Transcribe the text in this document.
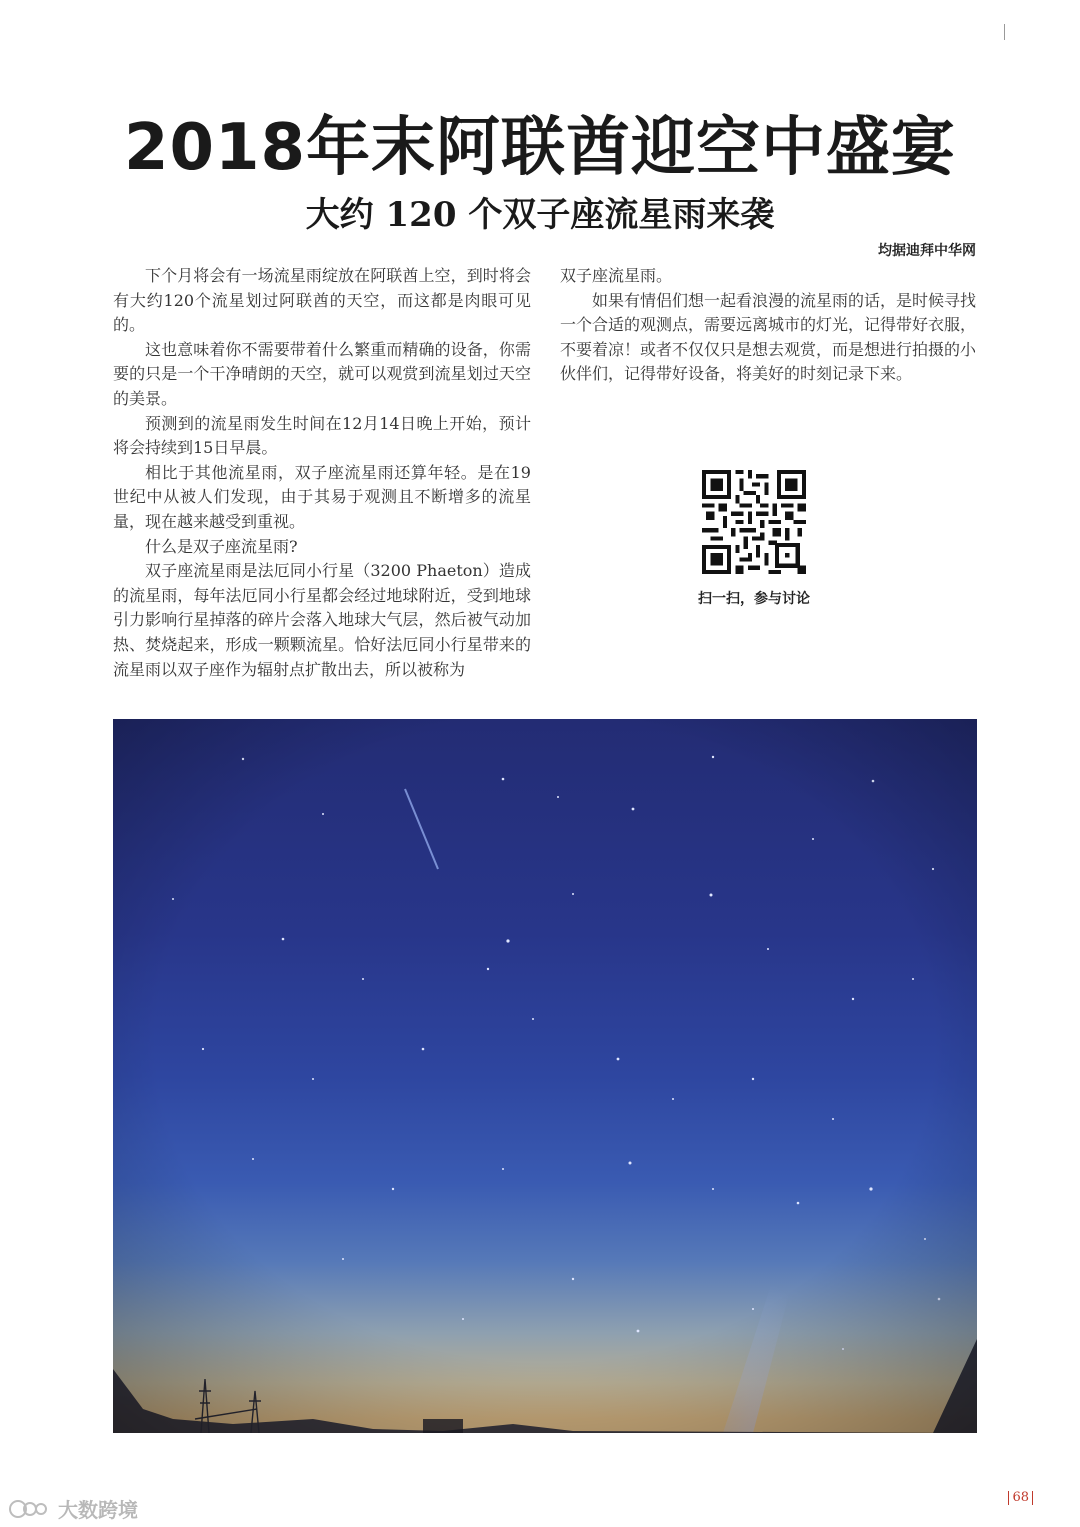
2018年末阿联酋迎空中盛宴
大约 120 个双子座流星雨来袭
均据迪拜中华网

下个月将会有一场流星雨绽放在阿联酋上空，到时将会有大约120个流星划过阿联酋的天空，而这都是肉眼可见的。

这也意味着你不需要带着什么繁重而精确的设备，你需要的只是一个干净晴朗的天空，就可以观赏到流星划过天空的美景。

预测到的流星雨发生时间在12月14日晚上开始，预计将会持续到15日早晨。

相比于其他流星雨，双子座流星雨还算年轻。是在19世纪中从被人们发现，由于其易于观测且不断增多的流星量，现在越来越受到重视。

什么是双子座流星雨?

双子座流星雨是法厄同小行星（3200 Phaeton）造成的流星雨，每年法厄同小行星都会经过地球附近，受到地球引力影响行星掉落的碎片会落入地球大气层，然后被气动加热、焚烧起来，形成一颗颗流星。恰好法厄同小行星带来的流星雨以双子座作为辐射点扩散出去，所以被称为

双子座流星雨。

如果有情侣们想一起看浪漫的流星雨的话，是时候寻找一个合适的观测点，需要远离城市的灯光，记得带好衣服，不要着凉！或者不仅仅只是想去观赏，而是想进行拍摄的小伙伴们，记得带好设备，将美好的时刻记录下来。

扫一扫，参与讨论
68
大数跨境
